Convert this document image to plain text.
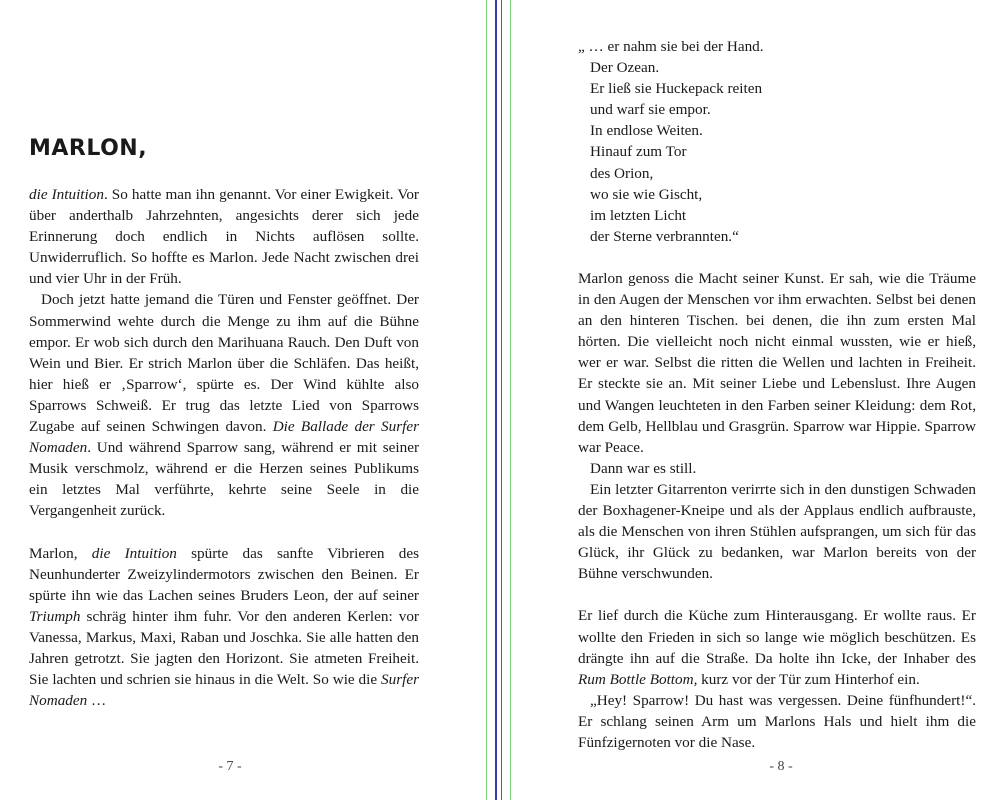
MARLON,

die Intuition. So hatte man ihn genannt. Vor einer Ewigkeit. Vor über anderthalb Jahrzehnten, angesichts derer sich jede Erinnerung doch endlich in Nichts auflösen sollte. Unwiderruflich. So hoffte es Marlon. Jede Nacht zwischen drei und vier Uhr in der Früh.

Doch jetzt hatte jemand die Türen und Fenster geöffnet. Der Sommerwind wehte durch die Menge zu ihm auf die Bühne empor. Er wob sich durch den Marihuana Rauch. Den Duft von Wein und Bier. Er strich Marlon über die Schläfen. Das heißt, hier hieß er ‚Sparrow‘, spürte es. Der Wind kühlte also Sparrows Schweiß. Er trug das letzte Lied von Sparrows Zugabe auf seinen Schwingen davon. Die Ballade der Surfer Nomaden. Und während Sparrow sang, während er mit seiner Musik verschmolz, während er die Herzen seines Publikums ein letztes Mal verführte, kehrte seine Seele in die Vergangenheit zurück.

Marlon, die Intuition spürte das sanfte Vibrieren des Neunhunderter Zweizylindermotors zwischen den Beinen. Er spürte ihn wie das Lachen seines Bruders Leon, der auf seiner Triumph schräg hinter ihm fuhr. Vor den anderen Kerlen: vor Vanessa, Markus, Maxi, Raban und Joschka. Sie alle hatten den Jahren getrotzt. Sie jagten den Horizont. Sie atmeten Freiheit. Sie lachten und schrien sie hinaus in die Welt. So wie die Surfer Nomaden …

- 7 -
„ … er nahm sie bei der Hand.
Der Ozean.
Er ließ sie Huckepack reiten
und warf sie empor.
In endlose Weiten.
Hinauf zum Tor
des Orion,
wo sie wie Gischt,
im letzten Licht
der Sterne verbrannten.“

Marlon genoss die Macht seiner Kunst. Er sah, wie die Träume in den Augen der Menschen vor ihm erwachten. Selbst bei denen an den hinteren Tischen. bei denen, die ihn zum ersten Mal hörten. Die vielleicht noch nicht einmal wussten, wie er hieß, wer er war. Selbst die ritten die Wellen und lachten in Freiheit. Er steckte sie an. Mit seiner Liebe und Lebenslust. Ihre Augen und Wangen leuchteten in den Farben seiner Kleidung: dem Rot, dem Gelb, Hellblau und Grasgrün. Sparrow war Hippie. Sparrow war Peace.

Dann war es still.

Ein letzter Gitarrenton verirrte sich in den dunstigen Schwaden der Boxhagener-Kneipe und als der Applaus endlich aufbrauste, als die Menschen von ihren Stühlen aufsprangen, um sich für das Glück, ihr Glück zu bedanken, war Marlon bereits von der Bühne verschwunden.

Er lief durch die Küche zum Hinterausgang. Er wollte raus. Er wollte den Frieden in sich so lange wie möglich beschützen. Es drängte ihn auf die Straße. Da holte ihn Icke, der Inhaber des Rum Bottle Bottom, kurz vor der Tür zum Hinterhof ein.

„Hey! Sparrow! Du hast was vergessen. Deine fünfhundert!“. Er schlang seinen Arm um Marlons Hals und hielt ihm die Fünfzigernoten vor die Nase.

- 8 -
